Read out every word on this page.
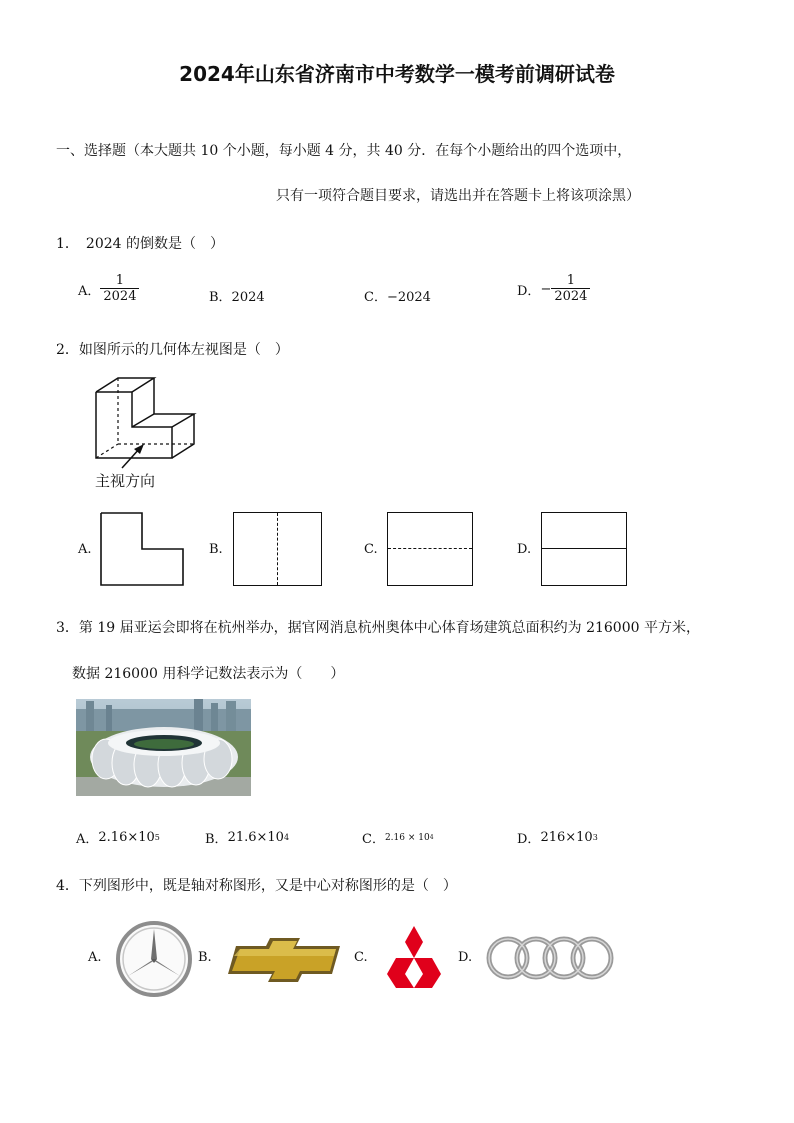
2024年山东省济南市中考数学一模考前调研试卷
一、选择题（本大题共 10 个小题，每小题 4 分，共 40 分．在每个小题给出的四个选项中，
只有一项符合题目要求，请选出并在答题卡上将该项涂黑）
1．　2024 的倒数是（　）
A． $\frac{1}{2024}$	B．2024	C．−2024	D． − $\frac{1}{2024}$
2．如图所示的几何体左视图是（　）
主视方向
A.	B.	C.	D.
3．第 19 届亚运会即将在杭州举办，据官网消息杭州奥体中心体育场建筑总面积约为 216000 平方米，
数据 216000 用科学记数法表示为（　　）
A． 2.16×10 5	B． 21.6×10 4	C． 2.16 × 10 4	D． 216×10 3
4．下列图形中，既是轴对称图形，又是中心对称图形的是（　）
A.	B.	C.	D.
